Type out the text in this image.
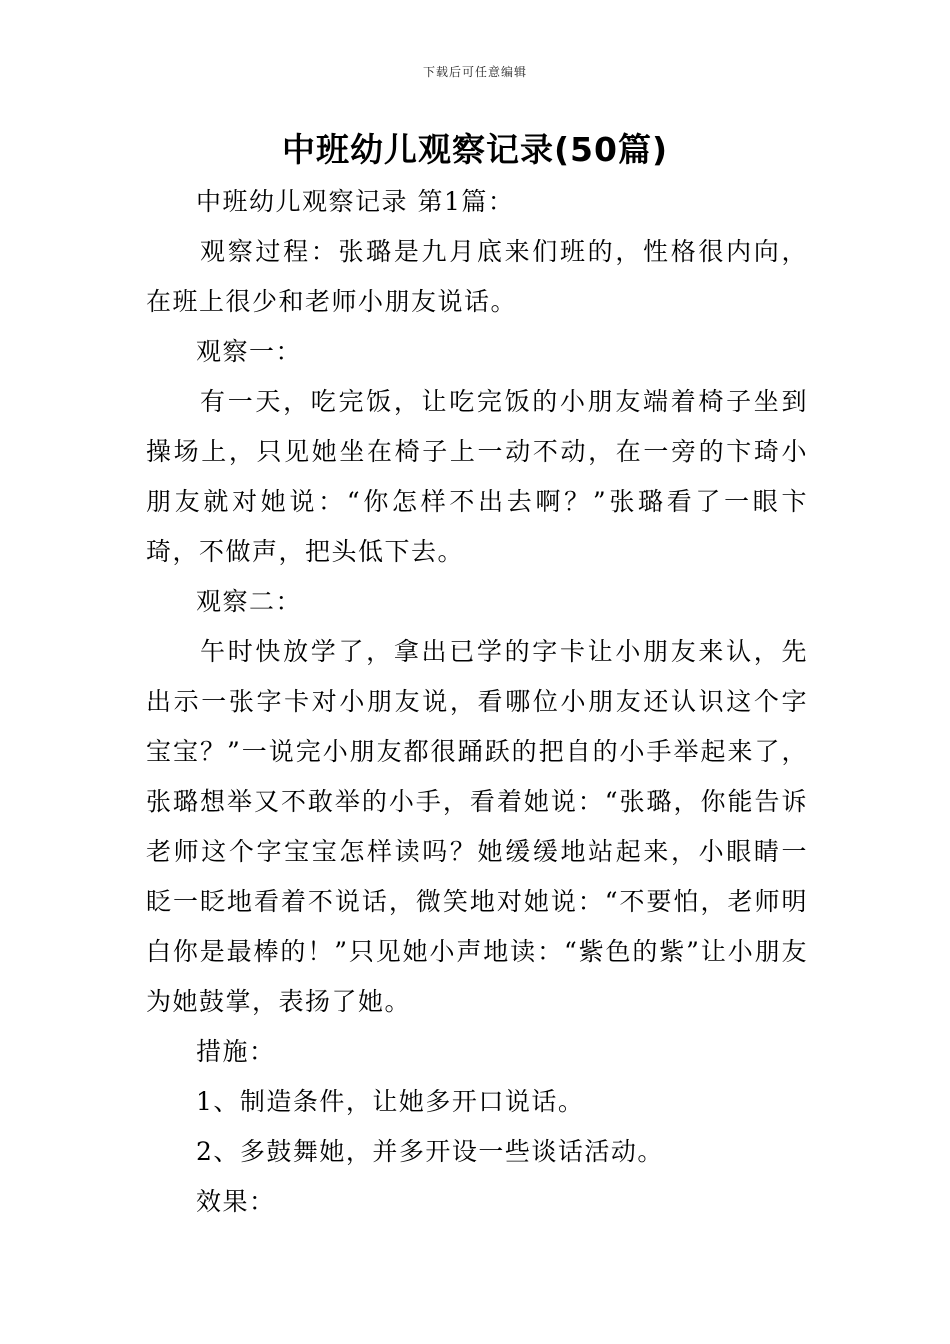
下载后可任意编辑
中班幼儿观察记录(50篇)

中班幼儿观察记录 第1篇：

观察过程：张璐是九月底来们班的，性格很内向，在班上很少和老师小朋友说话。

观察一：

有一天，吃完饭，让吃完饭的小朋友端着椅子坐到操场上，只见她坐在椅子上一动不动，在一旁的卞琦小朋友就对她说：“你怎样不出去啊？”张璐看了一眼卞琦，不做声，把头低下去。

观察二：

午时快放学了，拿出已学的字卡让小朋友来认，先出示一张字卡对小朋友说，看哪位小朋友还认识这个字宝宝？”一说完小朋友都很踊跃的把自的小手举起来了，张璐想举又不敢举的小手，看着她说：“张璐，你能告诉老师这个字宝宝怎样读吗？她缓缓地站起来，小眼睛一眨一眨地看着不说话，微笑地对她说：“不要怕，老师明白你是最棒的！”只见她小声地读：“紫色的紫”让小朋友为她鼓掌，表扬了她。

措施：

1、制造条件，让她多开口说话。

2、多鼓舞她，并多开设一些谈话活动。

效果：
